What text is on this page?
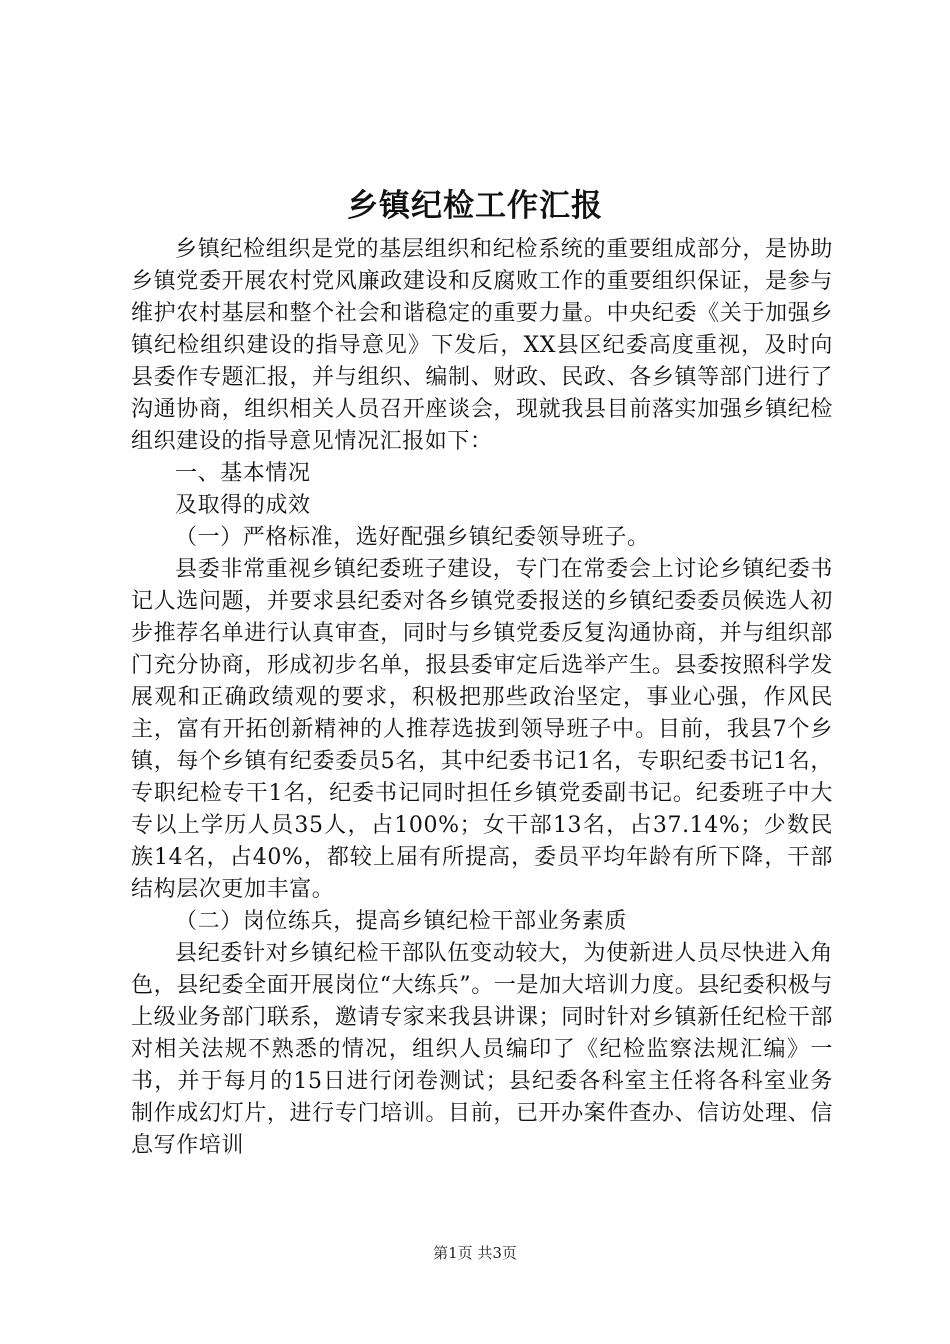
乡镇纪检工作汇报

乡镇纪检组织是党的基层组织和纪检系统的重要组成部分，是协助乡镇党委开展农村党风廉政建设和反腐败工作的重要组织保证，是参与维护农村基层和整个社会和谐稳定的重要力量。中央纪委《关于加强乡镇纪检组织建设的指导意见》下发后，XX县区纪委高度重视，及时向县委作专题汇报，并与组织、编制、财政、民政、各乡镇等部门进行了沟通协商，组织相关人员召开座谈会，现就我县目前落实加强乡镇纪检组织建设的指导意见情况汇报如下：

一、基本情况

及取得的成效

（一）严格标准，选好配强乡镇纪委领导班子。

县委非常重视乡镇纪委班子建设，专门在常委会上讨论乡镇纪委书记人选问题，并要求县纪委对各乡镇党委报送的乡镇纪委委员候选人初步推荐名单进行认真审查，同时与乡镇党委反复沟通协商，并与组织部门充分协商，形成初步名单，报县委审定后选举产生。县委按照科学发展观和正确政绩观的要求，积极把那些政治坚定，事业心强，作风民主，富有开拓创新精神的人推荐选拔到领导班子中。目前，我县7个乡镇，每个乡镇有纪委委员5名，其中纪委书记1名，专职纪委书记1名，专职纪检专干1名，纪委书记同时担任乡镇党委副书记。纪委班子中大专以上学历人员35人，占100%；女干部13名，占37.14%；少数民族14名，占40%，都较上届有所提高，委员平均年龄有所下降，干部结构层次更加丰富。

（二）岗位练兵，提高乡镇纪检干部业务素质

县纪委针对乡镇纪检干部队伍变动较大，为使新进人员尽快进入角色，县纪委全面开展岗位“大练兵”。一是加大培训力度。县纪委积极与上级业务部门联系，邀请专家来我县讲课；同时针对乡镇新任纪检干部对相关法规不熟悉的情况，组织人员编印了《纪检监察法规汇编》一书，并于每月的15日进行闭卷测试；县纪委各科室主任将各科室业务制作成幻灯片，进行专门培训。目前，已开办案件查办、信访处理、信息写作培训

第1页 共3页
